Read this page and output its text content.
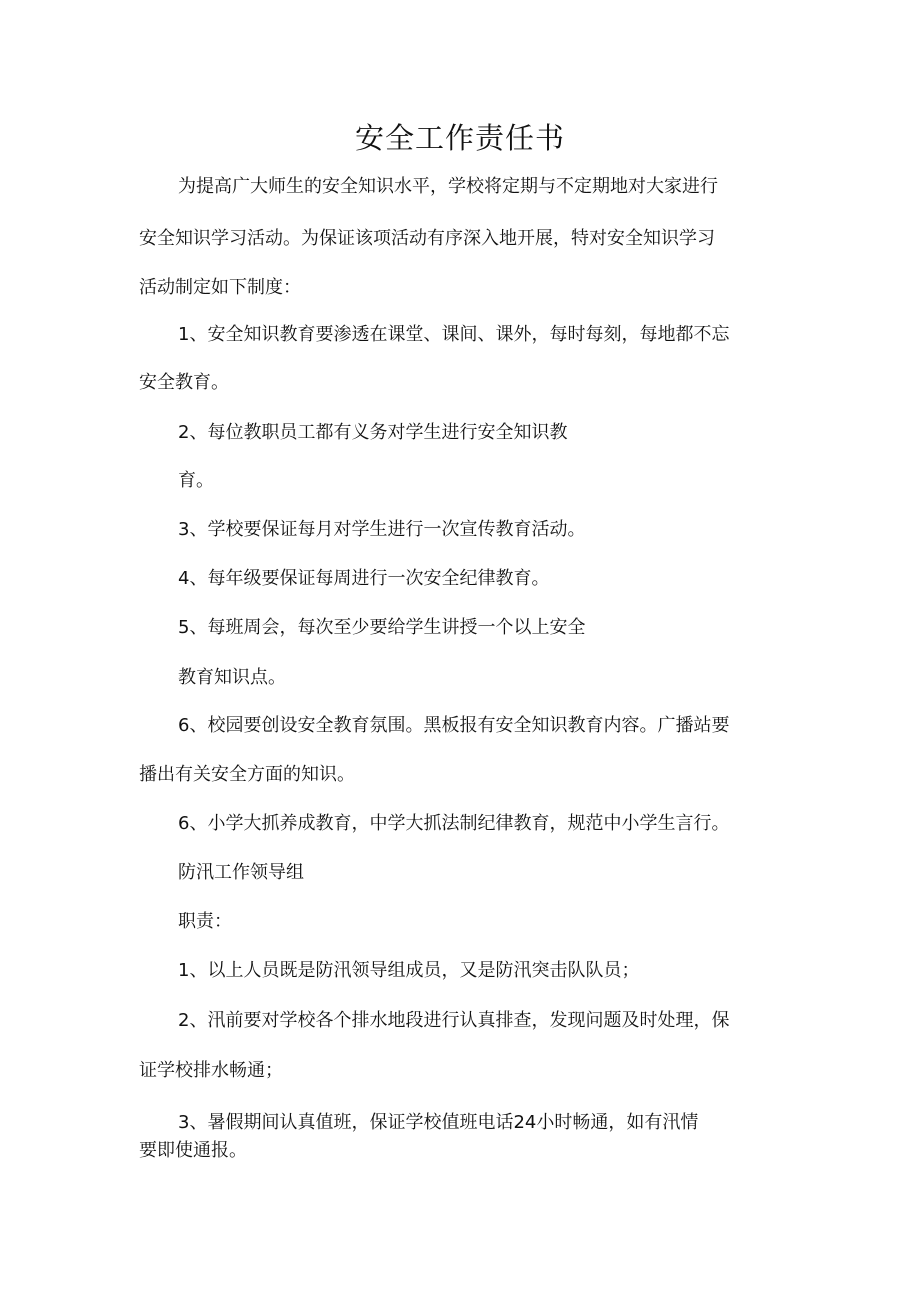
安全工作责任书
为提高广大师生的安全知识水平，学校将定期与不定期地对大家进行
安全知识学习活动。为保证该项活动有序深入地开展，特对安全知识学习
活动制定如下制度：
1、安全知识教育要渗透在课堂、课间、课外，每时每刻，每地都不忘
安全教育。
2、每位教职员工都有义务对学生进行安全知识教
育。
3、学校要保证每月对学生进行一次宣传教育活动。
4、每年级要保证每周进行一次安全纪律教育。
5、每班周会，每次至少要给学生讲授一个以上安全
教育知识点。
6、校园要创设安全教育氛围。黑板报有安全知识教育内容。广播站要
播出有关安全方面的知识。
6、小学大抓养成教育，中学大抓法制纪律教育，规范中小学生言行。
防汛工作领导组
职责：
1、以上人员既是防汛领导组成员，又是防汛突击队队员；
2、汛前要对学校各个排水地段进行认真排查，发现问题及时处理，保
证学校排水畅通；
3、暑假期间认真值班，保证学校值班电话24小时畅通，如有汛情
要即使通报。
